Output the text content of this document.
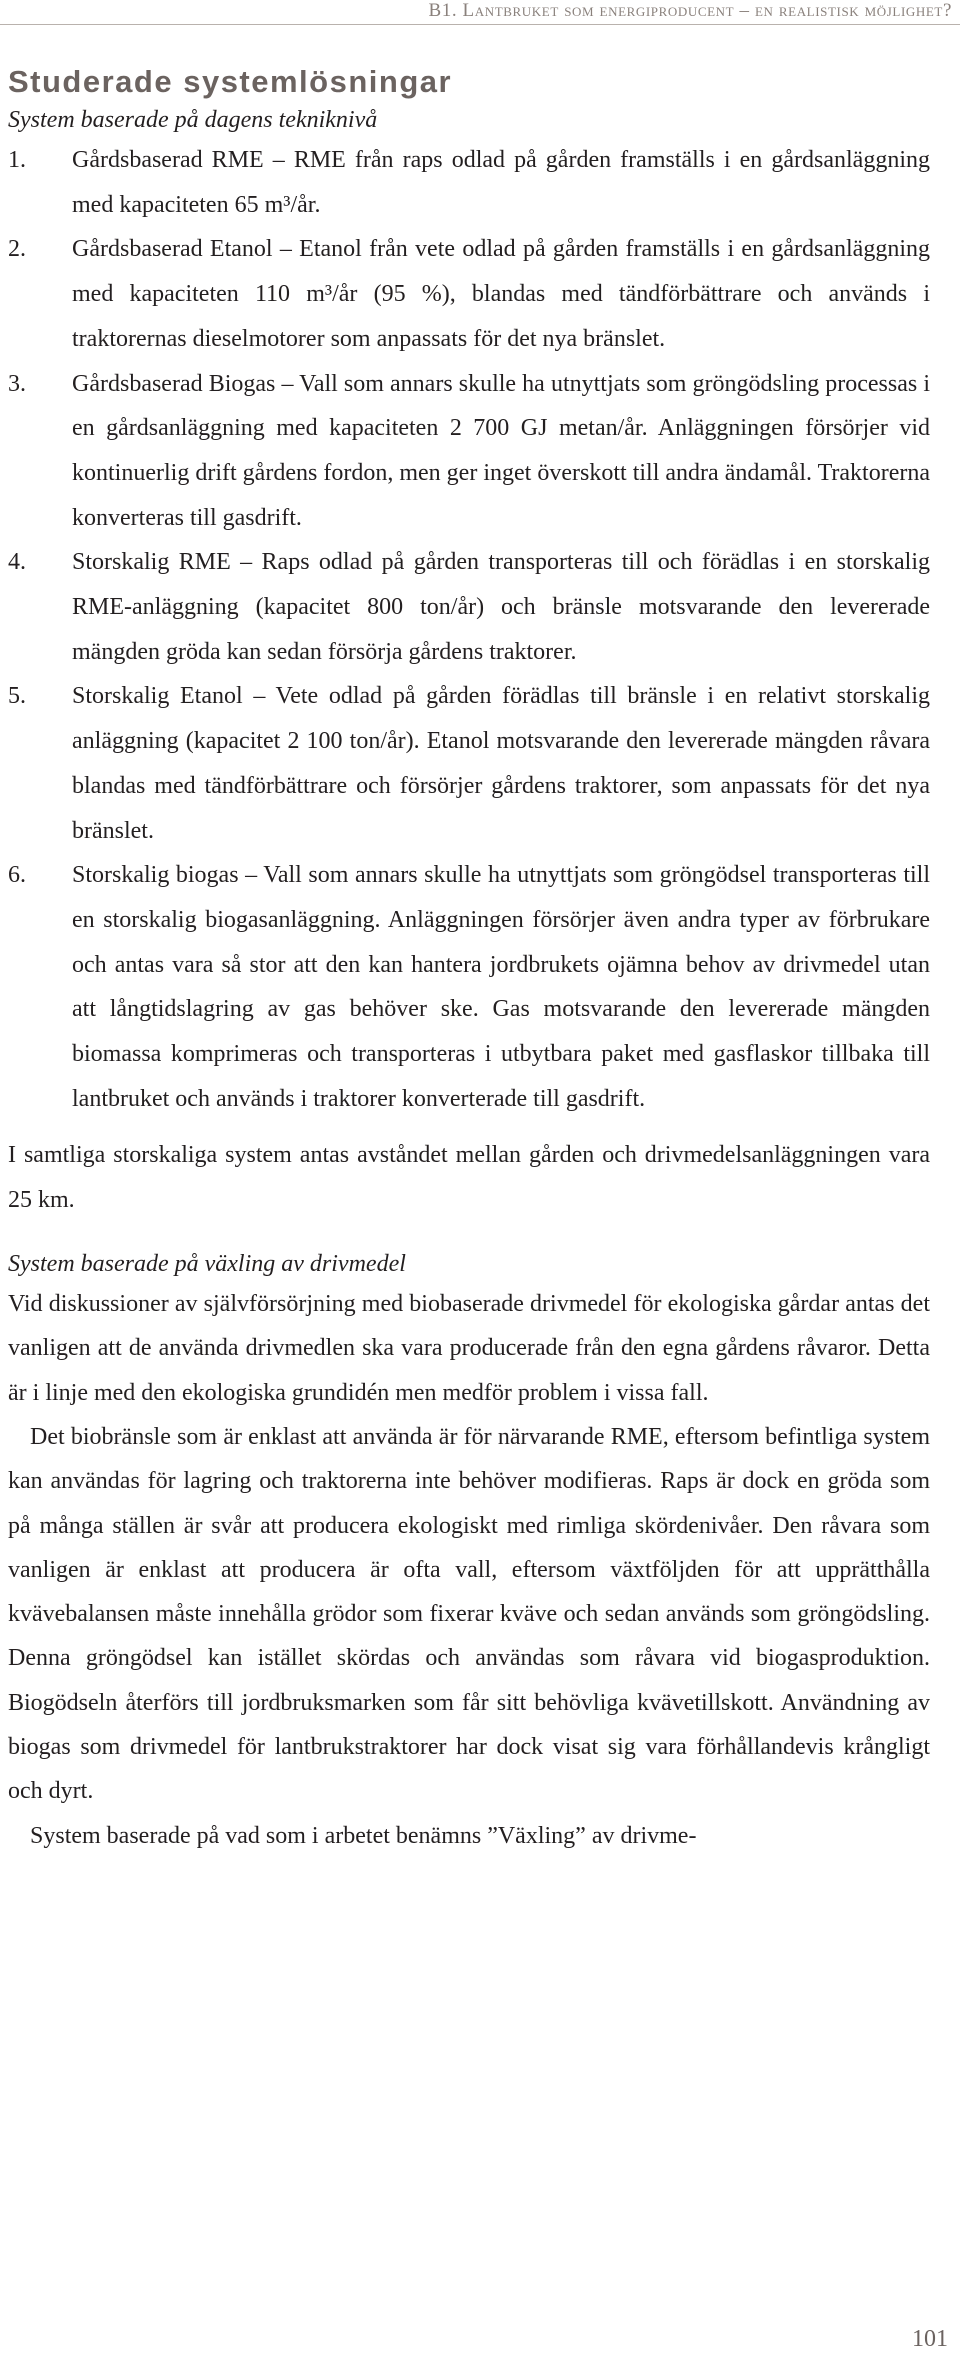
B1. Lantbruket som energiproducent – en realistisk möjlighet?
Studerade systemlösningar

System baserade på dagens tekniknivå

1. Gårdsbaserad RME – RME från raps odlad på gården framställs i en gårdsanläggning med kapaciteten 65 m³/år.
2. Gårdsbaserad Etanol – Etanol från vete odlad på gården framställs i en gårdsanläggning med kapaciteten 110 m³/år (95 %), blandas med tändförbättrare och används i traktorernas dieselmotorer som anpassats för det nya bränslet.
3. Gårdsbaserad Biogas – Vall som annars skulle ha utnyttjats som gröngödsling processas i en gårdsanläggning med kapaciteten 2 700 GJ metan/år. Anläggningen försörjer vid kontinuerlig drift gårdens fordon, men ger inget överskott till andra ändamål. Traktorerna konverteras till gasdrift.
4. Storskalig RME – Raps odlad på gården transporteras till och förädlas i en storskalig RME-anläggning (kapacitet 800 ton/år) och bränsle motsvarande den levererade mängden gröda kan sedan försörja gårdens traktorer.
5. Storskalig Etanol – Vete odlad på gården förädlas till bränsle i en relativt storskalig anläggning (kapacitet 2 100 ton/år). Etanol motsvarande den levererade mängden råvara blandas med tändförbättrare och försörjer gårdens traktorer, som anpassats för det nya bränslet.
6. Storskalig biogas – Vall som annars skulle ha utnyttjats som gröngödsel transporteras till en storskalig biogasanläggning. Anläggningen försörjer även andra typer av förbrukare och antas vara så stor att den kan hantera jordbrukets ojämna behov av drivmedel utan att långtidslagring av gas behöver ske. Gas motsvarande den levererade mängden biomassa komprimeras och transporteras i utbytbara paket med gasflaskor tillbaka till lantbruket och används i traktorer konverterade till gasdrift.

I samtliga storskaliga system antas avståndet mellan gården och drivmedelsanläggningen vara 25 km.

System baserade på växling av drivmedel

Vid diskussioner av självförsörjning med biobaserade drivmedel för ekologiska gårdar antas det vanligen att de använda drivmedlen ska vara producerade från den egna gårdens råvaror. Detta är i linje med den ekologiska grundidén men medför problem i vissa fall.

Det biobränsle som är enklast att använda är för närvarande RME, eftersom befintliga system kan användas för lagring och traktorerna inte behöver modifieras. Raps är dock en gröda som på många ställen är svår att producera ekologiskt med rimliga skördenivåer. Den råvara som vanligen är enklast att producera är ofta vall, eftersom växtföljden för att upprätthålla kvävebalansen måste innehålla grödor som fixerar kväve och sedan används som gröngödsling. Denna gröngödsel kan istället skördas och användas som råvara vid biogasproduktion. Biogödseln återförs till jordbruksmarken som får sitt behövliga kvävetillskott. Användning av biogas som drivmedel för lantbrukstraktorer har dock visat sig vara förhållandevis krångligt och dyrt.

System baserade på vad som i arbetet benämns ”Växling” av drivme-

101
